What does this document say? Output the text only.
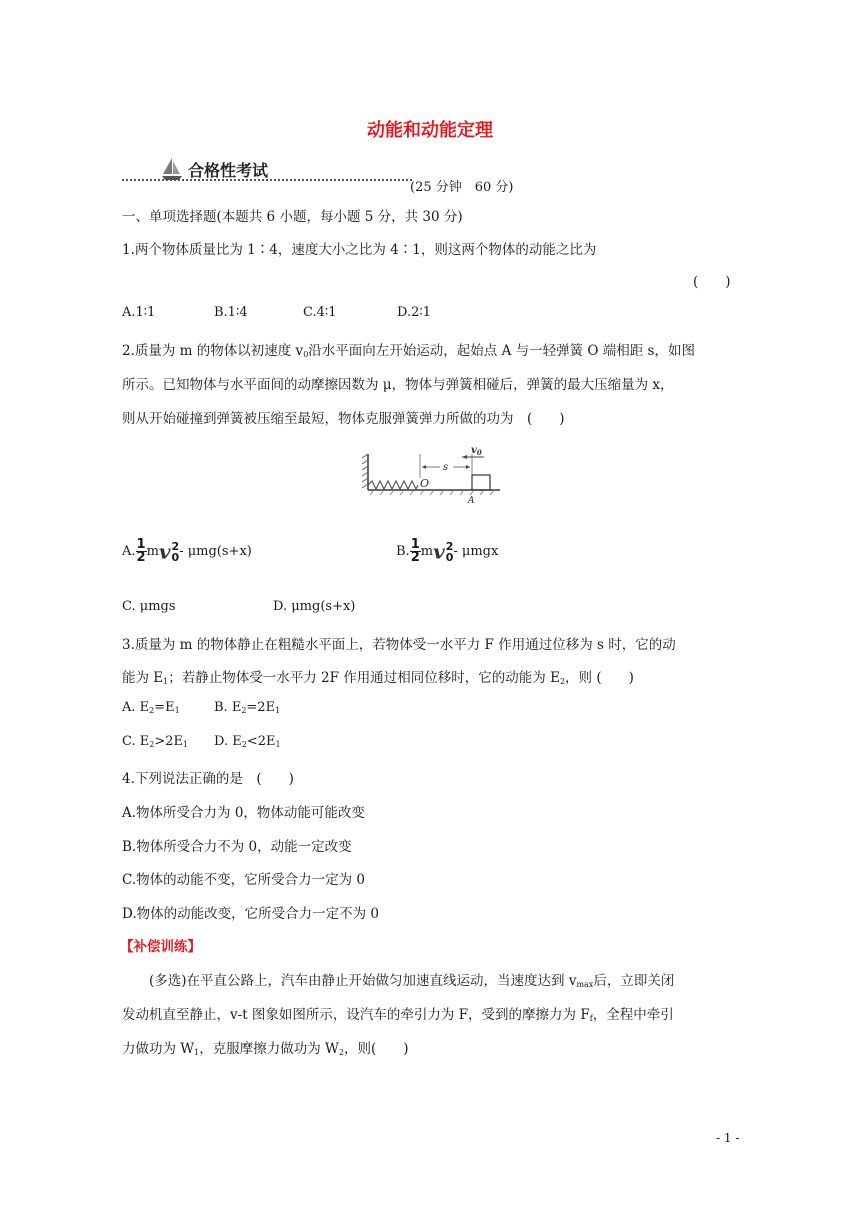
动能和动能定理
合格性考试
(25 分钟　60 分)
一、单项选择题(本题共 6 小题，每小题 5 分，共 30 分)
1.两个物体质量比为 1∶4，速度大小之比为 4∶1，则这两个物体的动能之比为
(　　)
A.1∶1	B.1∶4	C.4∶1	D.2∶1
2.质量为 m 的物体以初速度 $v_0$沿水平面向左开始运动，起始点 A 与一轻弹簧 O 端相距 s，如图
所示。已知物体与水平面间的动摩擦因数为 μ，物体与弹簧相碰后，弹簧的最大压缩量为 x，
则从开始碰撞到弹簧被压缩至最短，物体克服弹簧弹力所做的功为　(　　)
O
A
s
$v_0$
A. $\frac{1}{2}$ mv 2
0 - μmg(s+x)	B. $\frac{1}{2}$ mv 2
0 - μmgx
C. μmgs	D. μmg(s+x)
3.质量为 m 的物体静止在粗糙水平面上，若物体受一水平力 F 作用通过位移为 s 时，它的动
能为 $E_1$；若静止物体受一水平力 2F 作用通过相同位移时，它的动能为 $E_2$，则 (　　)
A. $E_2=E_1$	B. $E_2=2E_1$
C. $E_2>2E_1$ D. $E_2<2E_1$
4.下列说法正确的是　(　　)
A.物体所受合力为 0，物体动能可能改变
B.物体所受合力不为 0，动能一定改变
C.物体的动能不变，它所受合力一定为 0
D.物体的动能改变，它所受合力一定不为 0
【补偿训练】
(多选)在平直公路上，汽车由静止开始做匀加速直线运动，当速度达到 $v_{max}$后，立即关闭
发动机直至静止，v-t 图象如图所示，设汽车的牵引力为 F，受到的摩擦力为 $F_f$，全程中牵引
力做功为 $W_1$，克服摩擦力做功为 $W_2$，则(　　)
- 1 -
